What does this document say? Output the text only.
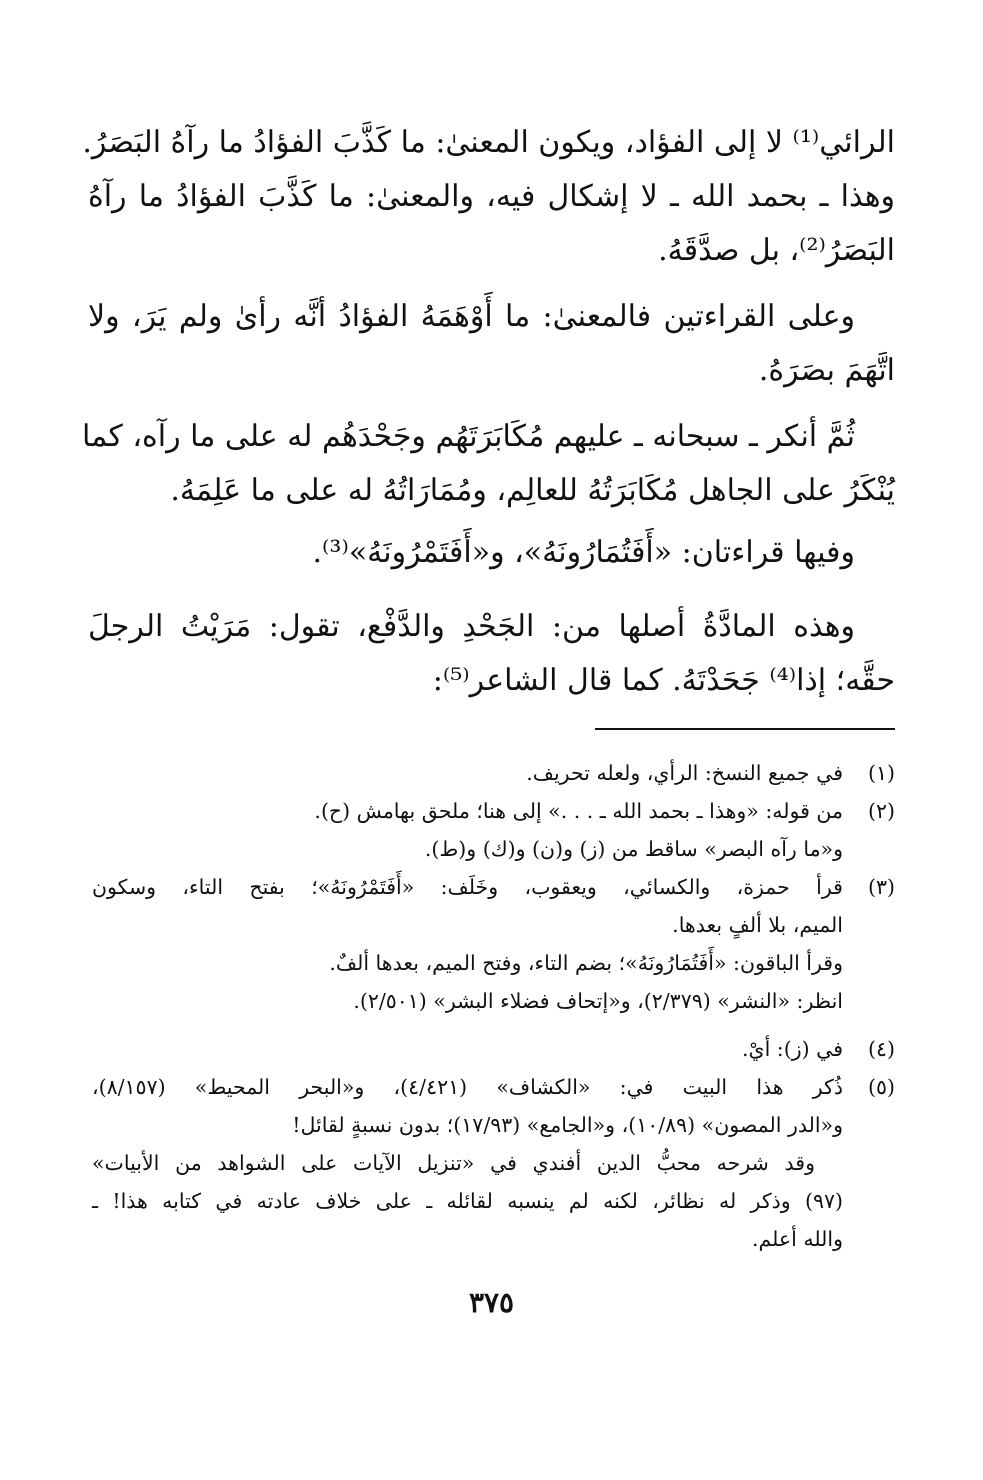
الرائي⁽¹⁾ لا إلى الفؤاد، ويكون المعنىٰ: ما كَذَّبَ الفؤادُ ما رآهُ البَصَرُ.
وهذا ـ بحمد الله ـ لا إشكال فيه، والمعنىٰ: ما كَذَّبَ الفؤادُ ما رآهُ
البَصَرُ⁽²⁾، بل صدَّقَهُ.
وعلى القراءتين فالمعنىٰ: ما أَوْهَمَهُ الفؤادُ أنَّه رأىٰ ولم يَرَ، ولا
اتَّهَمَ بصَرَهُ.
ثُمَّ أنكر ـ سبحانه ـ عليهم مُكَابَرَتَهُم وجَحْدَهُم له على ما رآه، كما
يُنْكَرُ على الجاهل مُكَابَرَتُهُ للعالِم، ومُمَارَاتُهُ له على ما عَلِمَهُ.
وفيها قراءتان: «أَفَتُمَارُونَهُ»، و«أَفَتَمْرُونَهُ»⁽³⁾.
وهذه المادَّةُ أصلها من: الجَحْدِ والدَّفْع، تقول: مَرَيْتُ الرجلَ
حقَّه؛ إذا⁽⁴⁾ جَحَدْتَهُ. كما قال الشاعر⁽⁵⁾:
(١)
في جميع النسخ: الرأي، ولعله تحريف.
(٢)
من قوله: «وهذا ـ بحمد الله ـ . . .» إلى هنا؛ ملحق بهامش (ح).
و«ما رآه البصر» ساقط من (ز) و(ن) و(ك) و(ط).
(٣)
قرأ حمزة، والكسائي، ويعقوب، وخَلَف: «أَفَتَمْرُونَهُ»؛ بفتح التاء، وسكون
الميم، بلا ألفٍ بعدها.
وقرأ الباقون: «أَفَتُمَارُونَهُ»؛ بضم التاء، وفتح الميم، بعدها ألفٌ.
انظر: «النشر» (٢/٣٧٩)، و«إتحاف فضلاء البشر» (٢/٥٠١).
(٤)
في (ز): أيْ.
(٥)
ذُكر هذا البيت في: «الكشاف» (٤/٤٢١)، و«البحر المحيط» (٨/١٥٧)،
و«الدر المصون» (١٠/٨٩)، و«الجامع» (١٧/٩٣)؛ بدون نسبةٍ لقائل!
وقد شرحه محبُّ الدين أفندي في «تنزيل الآيات على الشواهد من الأبيات»
(٩٧) وذكر له نظائر، لكنه لم ينسبه لقائله ـ على خلاف عادته في كتابه هذا! ـ
والله أعلم.
٣٧٥
